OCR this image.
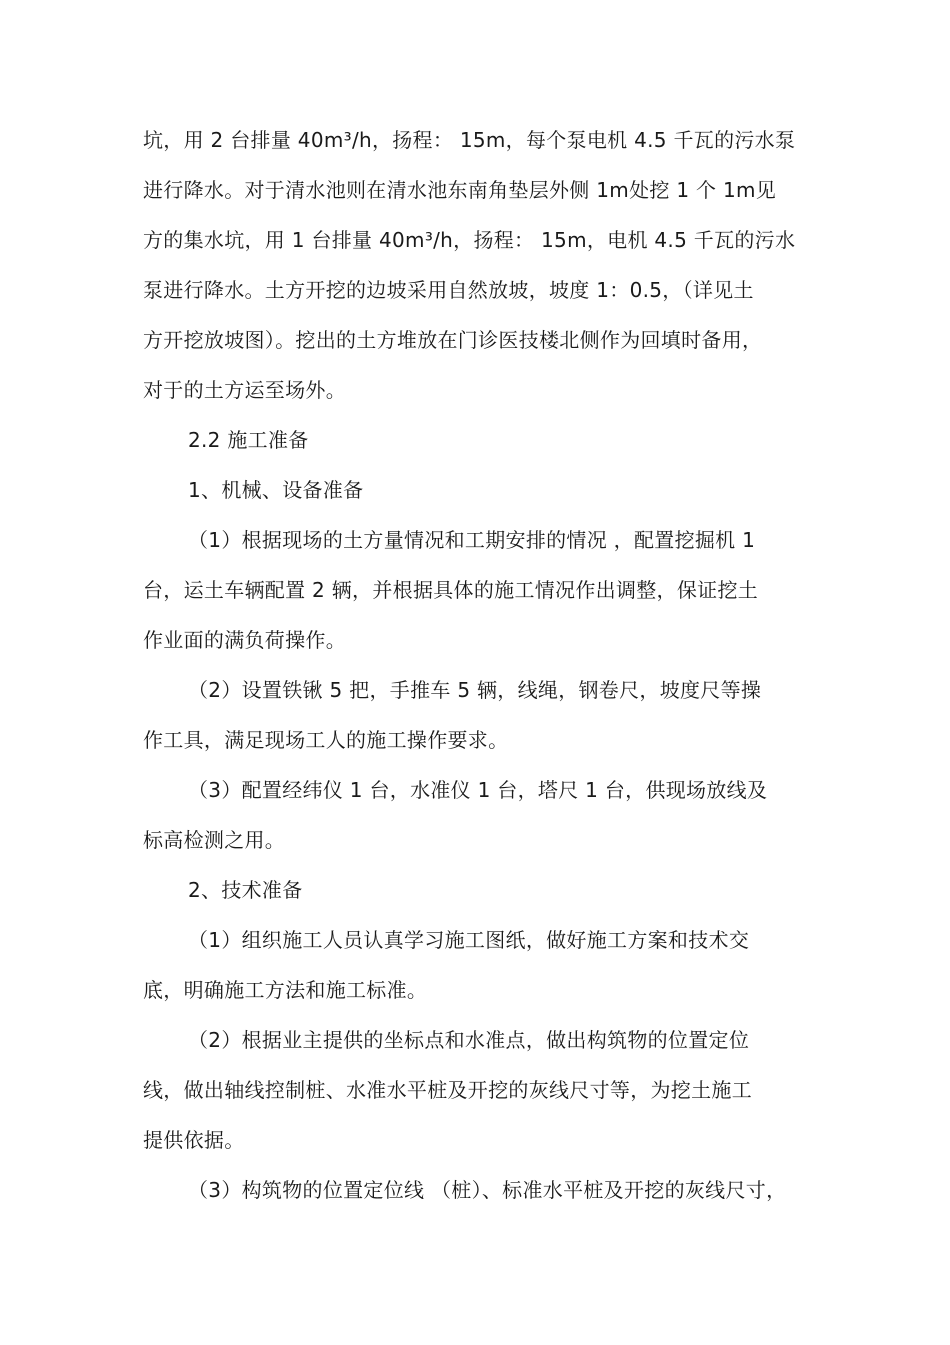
坑，用 2 台排量 40m³/h，扬程： 15m，每个泵电机 4.5 千瓦的污水泵
进行降水。对于清水池则在清水池东南角垫层外侧 1m处挖 1 个 1m见
方的集水坑，用 1 台排量 40m³/h，扬程： 15m，电机 4.5 千瓦的污水
泵进行降水。土方开挖的边坡采用自然放坡，坡度 1：0.5，（详见土
方开挖放坡图）。挖出的土方堆放在门诊医技楼北侧作为回填时备用，
对于的土方运至场外。
2.2 施工准备
1、机械、设备准备
（1）根据现场的土方量情况和工期安排的情况 ，配置挖掘机 1
台，运土车辆配置 2 辆，并根据具体的施工情况作出调整，保证挖土
作业面的满负荷操作。
（2）设置铁锹 5 把，手推车 5 辆，线绳，钢卷尺，坡度尺等操
作工具，满足现场工人的施工操作要求。
（3）配置经纬仪 1 台，水准仪 1 台，塔尺 1 台，供现场放线及
标高检测之用。
2、技术准备
（1）组织施工人员认真学习施工图纸，做好施工方案和技术交
底，明确施工方法和施工标准。
（2）根据业主提供的坐标点和水准点，做出构筑物的位置定位
线，做出轴线控制桩、水准水平桩及开挖的灰线尺寸等，为挖土施工
提供依据。
（3）构筑物的位置定位线 （桩）、标准水平桩及开挖的灰线尺寸，
